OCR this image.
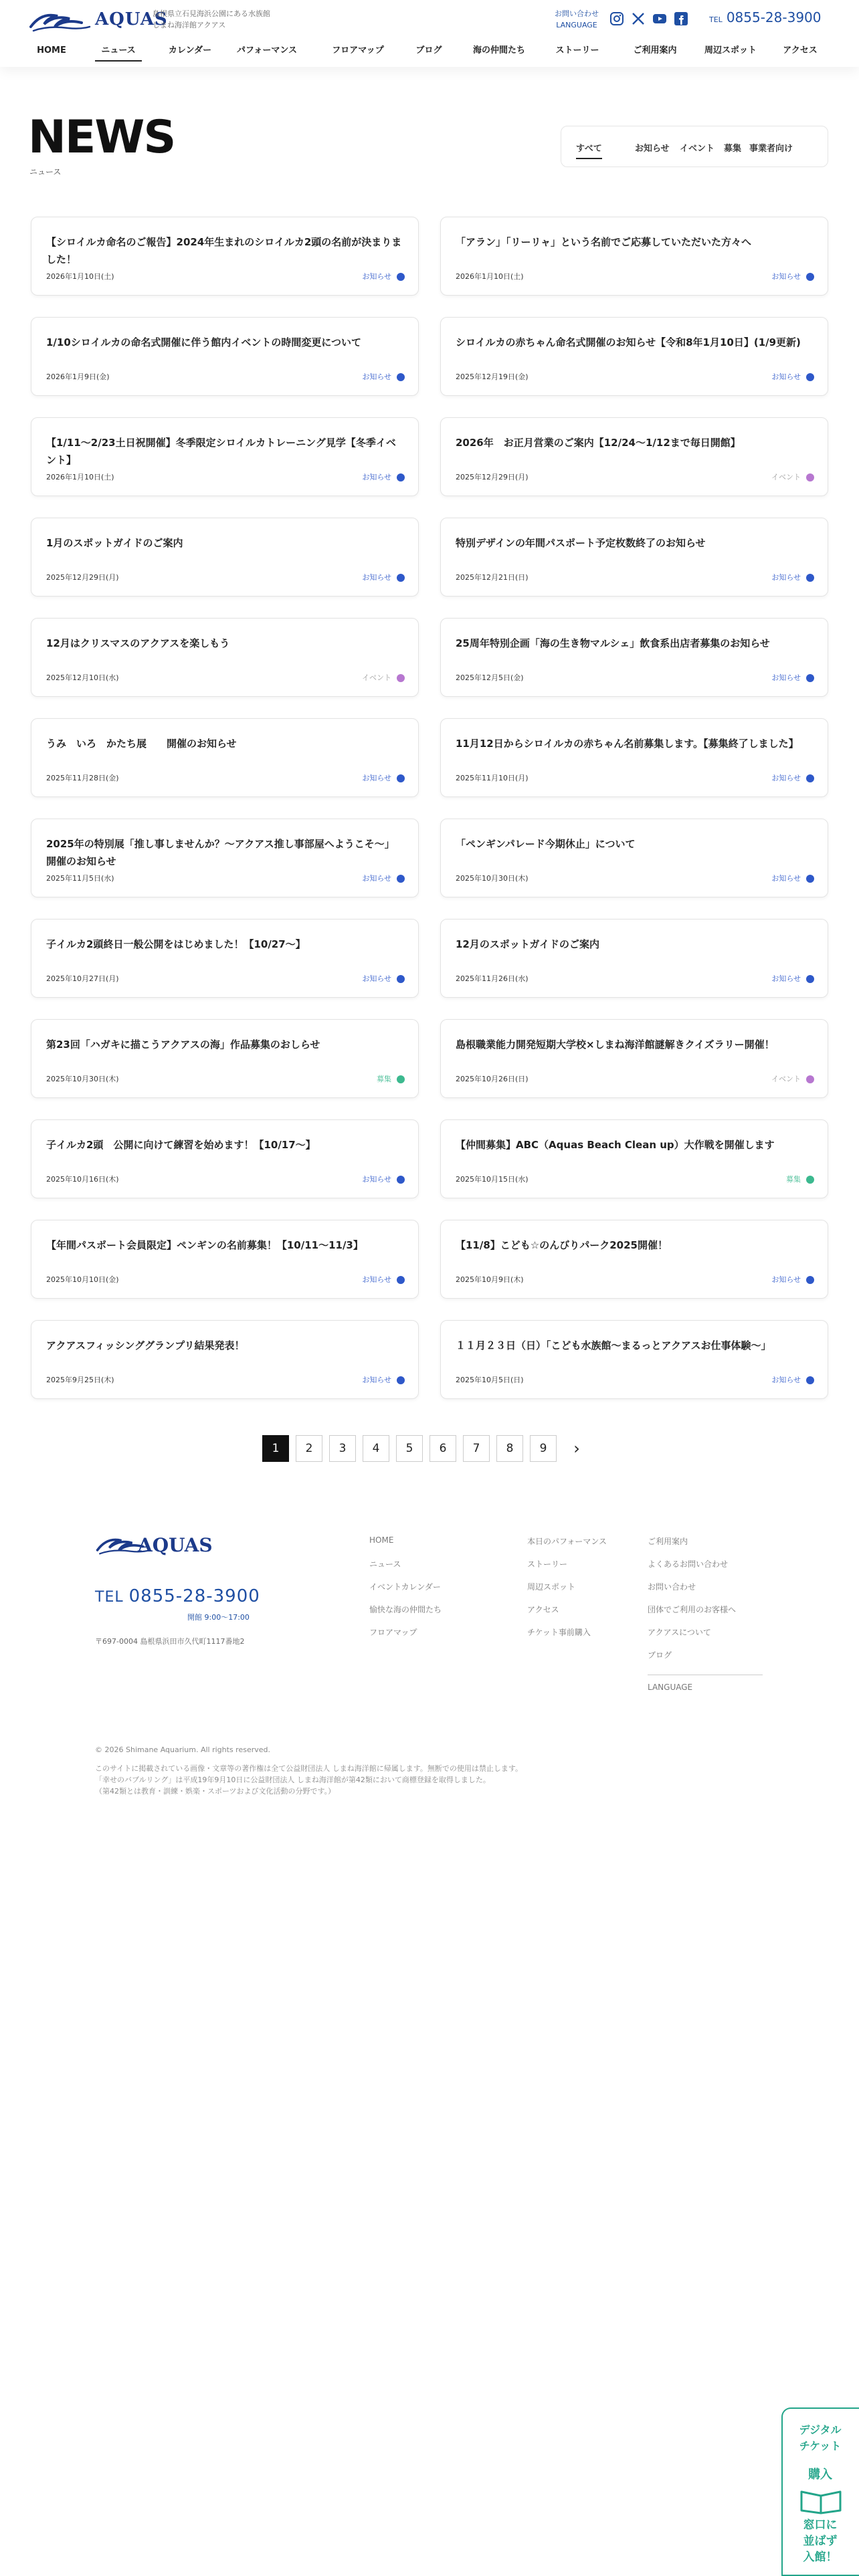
AQUAS
島根県立石見海浜公園にある水族館
しまね海洋館アクアス
お問い合わせ
LANGUAGE
TEL 0855-28-3900
HOME	ニュース	カレンダー	パフォーマンス	フロアマップ	ブログ	海の仲間たち	ストーリー	ご利用案内	周辺スポット	アクセス
NEWS
ニュース
すべて	お知らせ イベント 募集 事業者向け
【シロイルカ命名のご報告】2024年生まれのシロイルカ2頭の名前が決まりました！
2026年1月10日(土)	お知らせ
「アラン」「リーリャ」という名前でご応募していただいた方々へ
2026年1月10日(土)	お知らせ
1/10シロイルカの命名式開催に伴う館内イベントの時間変更について
2026年1月9日(金)	お知らせ
シロイルカの赤ちゃん命名式開催のお知らせ【令和8年1月10日】(1/9更新)
2025年12月19日(金)	お知らせ
【1/11～2/23土日祝開催】冬季限定シロイルカトレーニング見学【冬季イベント】
2026年1月10日(土)	お知らせ
2026年　お正月営業のご案内【12/24～1/12まで毎日開館】
2025年12月29日(月)	イベント
1月のスポットガイドのご案内
2025年12月29日(月)	お知らせ
特別デザインの年間パスポート予定枚数終了のお知らせ
2025年12月21日(日)	お知らせ
12月はクリスマスのアクアスを楽しもう
2025年12月10日(水)	イベント
25周年特別企画「海の生き物マルシェ」飲食系出店者募集のお知らせ
2025年12月5日(金)	お知らせ
うみ　いろ　かたち展　　開催のお知らせ
2025年11月28日(金)	お知らせ
11月12日からシロイルカの赤ちゃん名前募集します。【募集終了しました】
2025年11月10日(月)	お知らせ
2025年の特別展「推し事しませんか？～アクアス推し事部屋へようこそ～」開催のお知らせ
2025年11月5日(水)	お知らせ
「ペンギンパレード今期休止」について
2025年10月30日(木)	お知らせ
子イルカ2頭終日一般公開をはじめました！【10/27～】
2025年10月27日(月)	お知らせ
12月のスポットガイドのご案内
2025年11月26日(水)	お知らせ
第23回「ハガキに描こうアクアスの海」作品募集のおしらせ
2025年10月30日(木)	募集
島根職業能力開発短期大学校×しまね海洋館謎解きクイズラリー開催！
2025年10月26日(日)	イベント
子イルカ2頭　公開に向けて練習を始めます！【10/17～】
2025年10月16日(木)	お知らせ
【仲間募集】ABC（Aquas Beach Clean up）大作戦を開催します
2025年10月15日(水)	募集
【年間パスポート会員限定】ペンギンの名前募集！【10/11～11/3】
2025年10月10日(金)	お知らせ
【11/8】こども☆のんびりパーク2025開催！
2025年10月9日(木)	お知らせ
アクアスフィッシンググランプリ結果発表！
2025年9月25日(木)	お知らせ
１１月２３日（日）「こども水族館～まるっとアクアスお仕事体験～」
2025年10月5日(日)	お知らせ
1	2	3	4	5	6	7	8	9	›
AQUAS
TEL 0855-28-3900
開館 9:00～17:00
〒697-0004 島根県浜田市久代町1117番地2
HOME
ニュース
イベントカレンダー
愉快な海の仲間たち
フロアマップ
本日のパフォーマンス
ストーリー
周辺スポット
アクセス
チケット事前購入
ご利用案内
よくあるお問い合わせ
お問い合わせ
団体でご利用のお客様へ
アクアスについて
ブログ
LANGUAGE
© 2026 Shimane Aquarium. All rights reserved.
このサイトに掲載されている画像・文章等の著作権は全て公益財団法人 しまね海洋館に帰属します。無断での使用は禁止します。
「幸せのバブルリング」は平成19年9月10日に公益財団法人 しまね海洋館が第42類において商標登録を取得しました。
（第42類とは教育・訓練・娯楽・スポーツおよび文化活動の分野です。）
デジタル
チケット
購入
窓口に
並ばず
入館！
